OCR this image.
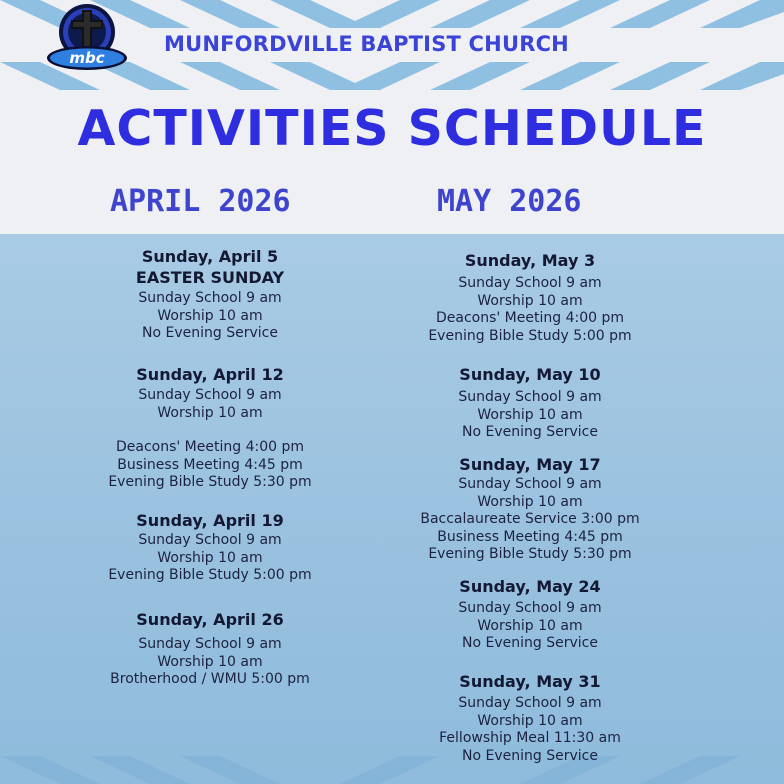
mbc
MUNFORDVILLE BAPTIST CHURCH
ACTIVITIES SCHEDULE
APRIL 2026	MAY 2026
Sunday, April 5
EASTER SUNDAY
Sunday School 9 am
Worship 10 am
No Evening Service
Sunday, April 12
Sunday School 9 am
Worship 10 am
Deacons' Meeting 4:00 pm
Business Meeting 4:45 pm
Evening Bible Study 5:30 pm
Sunday, April 19
Sunday School 9 am
Worship 10 am
Evening Bible Study 5:00 pm
Sunday, April 26
Sunday School 9 am
Worship 10 am
Brotherhood / WMU 5:00 pm
Sunday, May 3
Sunday School 9 am
Worship 10 am
Deacons' Meeting 4:00 pm
Evening Bible Study 5:00 pm
Sunday, May 10
Sunday School 9 am
Worship 10 am
No Evening Service
Sunday, May 17
Sunday School 9 am
Worship 10 am
Baccalaureate Service 3:00 pm
Business Meeting 4:45 pm
Evening Bible Study 5:30 pm
Sunday, May 24
Sunday School 9 am
Worship 10 am
No Evening Service
Sunday, May 31
Sunday School 9 am
Worship 10 am
Fellowship Meal 11:30 am
No Evening Service
